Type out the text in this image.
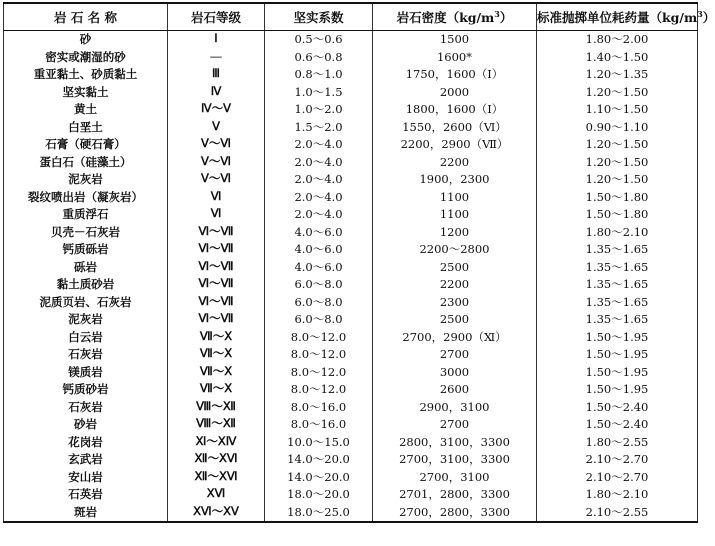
岩 石 名 称	岩石等级	坚实系数	岩石密度$(kg/m^3)$	标准抛掷单位耗药量$(kg/m^3)$
砂	Ⅰ	0.5～0.6	1500	1.80～2.00
密实或潮湿的砂	—	0.6～0.8	1600*	1.40～1.50
重亚黏土、砂质黏土	Ⅲ	0.8～1.0	1750，1600（Ⅰ）	1.20～1.35
坚实黏土	Ⅳ	1.0～1.5	2000	1.20～1.50
黄土	Ⅳ～Ⅴ	1.0～2.0	1800，1600（Ⅰ）	1.10～1.50
白垩土	Ⅴ	1.5～2.0	1550，2600（Ⅵ）	0.90～1.10
石膏（硬石膏）	Ⅴ～Ⅵ	2.0～4.0	2200，2900（Ⅶ）	1.20～1.50
蛋白石（硅藻土）	Ⅴ～Ⅵ	2.0～4.0	2200	1.20～1.50
泥灰岩	Ⅴ～Ⅵ	2.0～4.0	1900，2300	1.20～1.50
裂纹喷出岩（凝灰岩）	Ⅵ	2.0～4.0	1100	1.50～1.80
重质浮石	Ⅵ	2.0～4.0	1100	1.50～1.80
贝壳－石灰岩	Ⅵ～Ⅶ	4.0～6.0	1200	1.80～2.10
钙质砾岩	Ⅵ～Ⅶ	4.0～6.0	2200～2800	1.35～1.65
砾岩	Ⅵ～Ⅶ	4.0～6.0	2500	1.35～1.65
黏土质砂岩	Ⅵ～Ⅶ	6.0～8.0	2200	1.35～1.65
泥质页岩、石灰岩	Ⅵ～Ⅶ	6.0～8.0	2300	1.35～1.65
泥灰岩	Ⅵ～Ⅶ	6.0～8.0	2500	1.35～1.65
白云岩	Ⅶ～Ⅹ	8.0～12.0	2700，2900（Ⅺ）	1.50～1.95
石灰岩	Ⅶ～Ⅹ	8.0～12.0	2700	1.50～1.95
镁质岩	Ⅶ～Ⅹ	8.0～12.0	3000	1.50～1.95
钙质砂岩	Ⅶ～Ⅹ	8.0～12.0	2600	1.50～1.95
石灰岩	Ⅷ～Ⅻ	8.0～16.0	2900，3100	1.50～2.40
砂岩	Ⅷ～Ⅻ	8.0～16.0	2700	1.50～2.40
花岗岩	Ⅺ～ⅩⅣ	10.0～15.0	2800，3100，3300	1.80～2.55
玄武岩	Ⅻ～ⅩⅥ	14.0～20.0	2700，3100，3300	2.10～2.70
安山岩	Ⅻ～ⅩⅥ	14.0～20.0	2700，3100	2.10～2.70
石英岩	ⅩⅥ	18.0～20.0	2701，2800，3300	1.80～2.10
斑岩	ⅩⅥ～ⅩⅤ	18.0～25.0	2700，2800，3300	2.10～2.55
